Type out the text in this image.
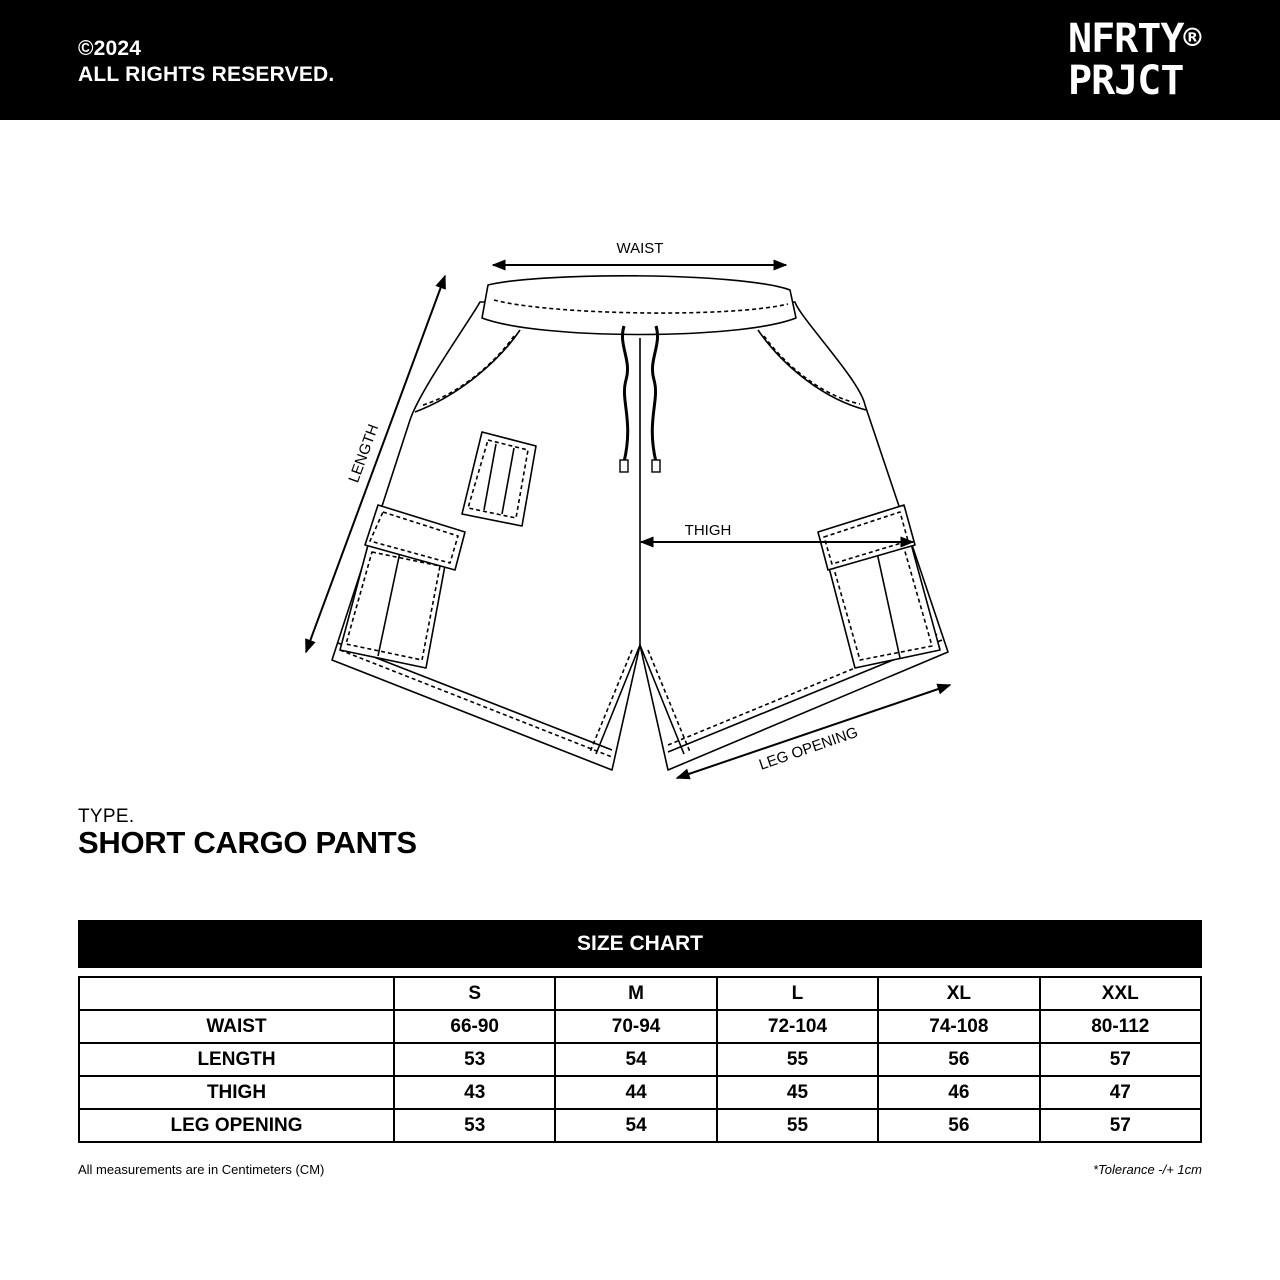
©2024
ALL RIGHTS RESERVED.
NFRTY®
PRJCT
WAIST
LENGTH
THIGH
LEG OPENING
TYPE.
SHORT CARGO PANTS
SIZE CHART
	S	M	L	XL	XXL
WAIST	66-90	70-94	72-104	74-108	80-112
LENGTH	53	54	55	56	57
THIGH	43	44	45	46	47
LEG OPENING	53	54	55	56	57
All measurements are in Centimeters (CM)	*Tolerance -/+ 1cm
